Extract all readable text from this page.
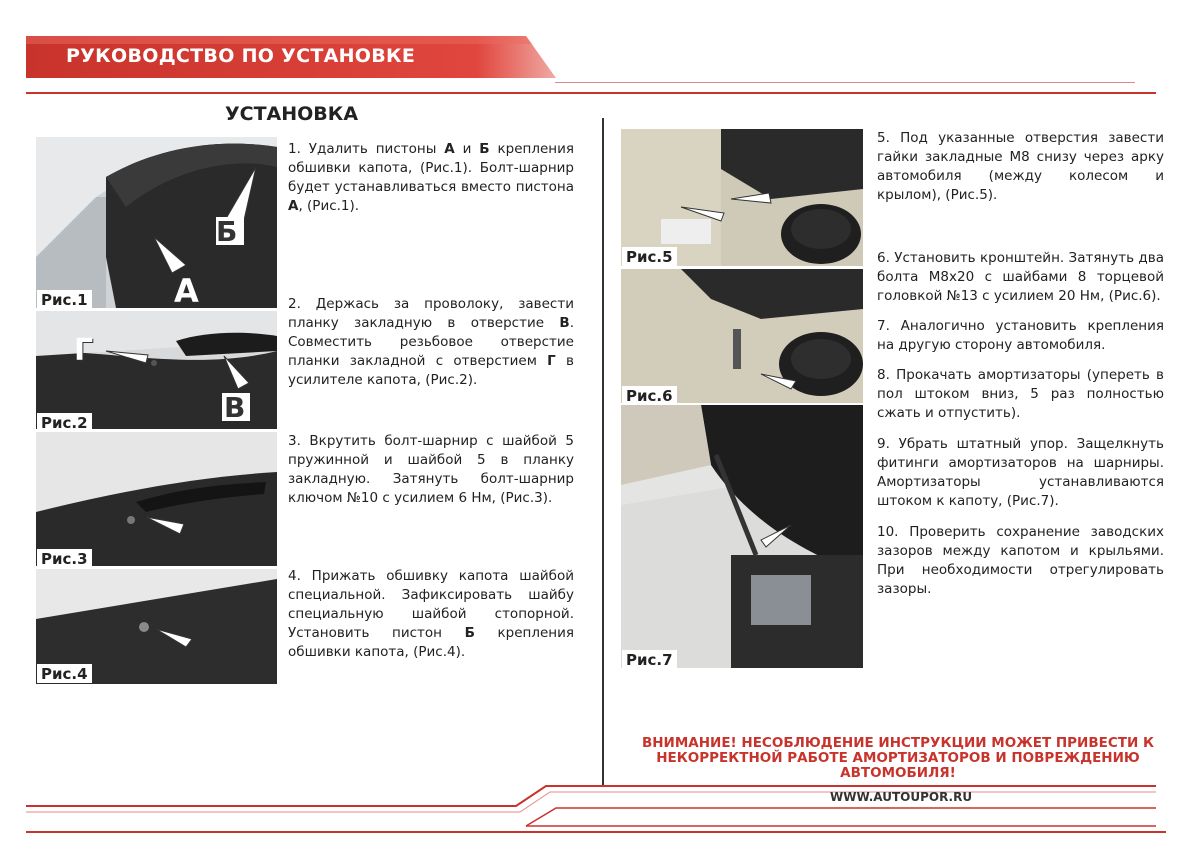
РУКОВОДСТВО ПО УСТАНОВКЕ
УСТАНОВКА
Б
А
Рис.1
Г
В
Рис.2
Рис.3
Рис.4
1. Удалить пистоны А и Б крепления обшивки капота, (Рис.1). Болт-шарнир будет устанавливаться вместо пистона А, (Рис.1).
2. Держась за проволоку, завести планку закладную в отверстие В. Совместить резьбовое отверстие планки закладной с отверстием Г в усилителе капота, (Рис.2).
3. Вкрутить болт-шарнир с шайбой 5 пружинной и шайбой 5 в планку закладную. Затянуть болт-шарнир ключом №10 с усилием 6 Нм, (Рис.3).
4. Прижать обшивку капота шайбой специальной. Зафиксировать шайбу специальную шайбой стопорной. Установить пистон Б крепления обшивки капота, (Рис.4).
Рис.5
Рис.6
Рис.7
5. Под указанные отверстия завести гайки закладные М8 снизу через арку автомобиля (между колесом и крылом), (Рис.5).
6. Установить кронштейн. Затянуть два болта М8х20 с шайбами 8 торцевой головкой №13 с усилием 20 Нм, (Рис.6).
7. Аналогично установить крепления на другую сторону автомобиля.
8. Прокачать амортизаторы (упереть в пол штоком вниз, 5 раз полностью сжать и отпустить).
9. Убрать штатный упор. Защелкнуть фитинги амортизаторов на шарниры. Амортизаторы устанавливаются штоком к капоту, (Рис.7).
10. Проверить сохранение заводских зазоров между капотом и крыльями. При необходимости отрегулировать зазоры.
ВНИМАНИЕ! НЕСОБЛЮДЕНИЕ ИНСТРУКЦИИ МОЖЕТ ПРИВЕСТИ К
НЕКОРРЕКТНОЙ РАБОТЕ АМОРТИЗАТОРОВ И ПОВРЕЖДЕНИЮ
АВТОМОБИЛЯ!
WWW.AUTOUPOR.RU
